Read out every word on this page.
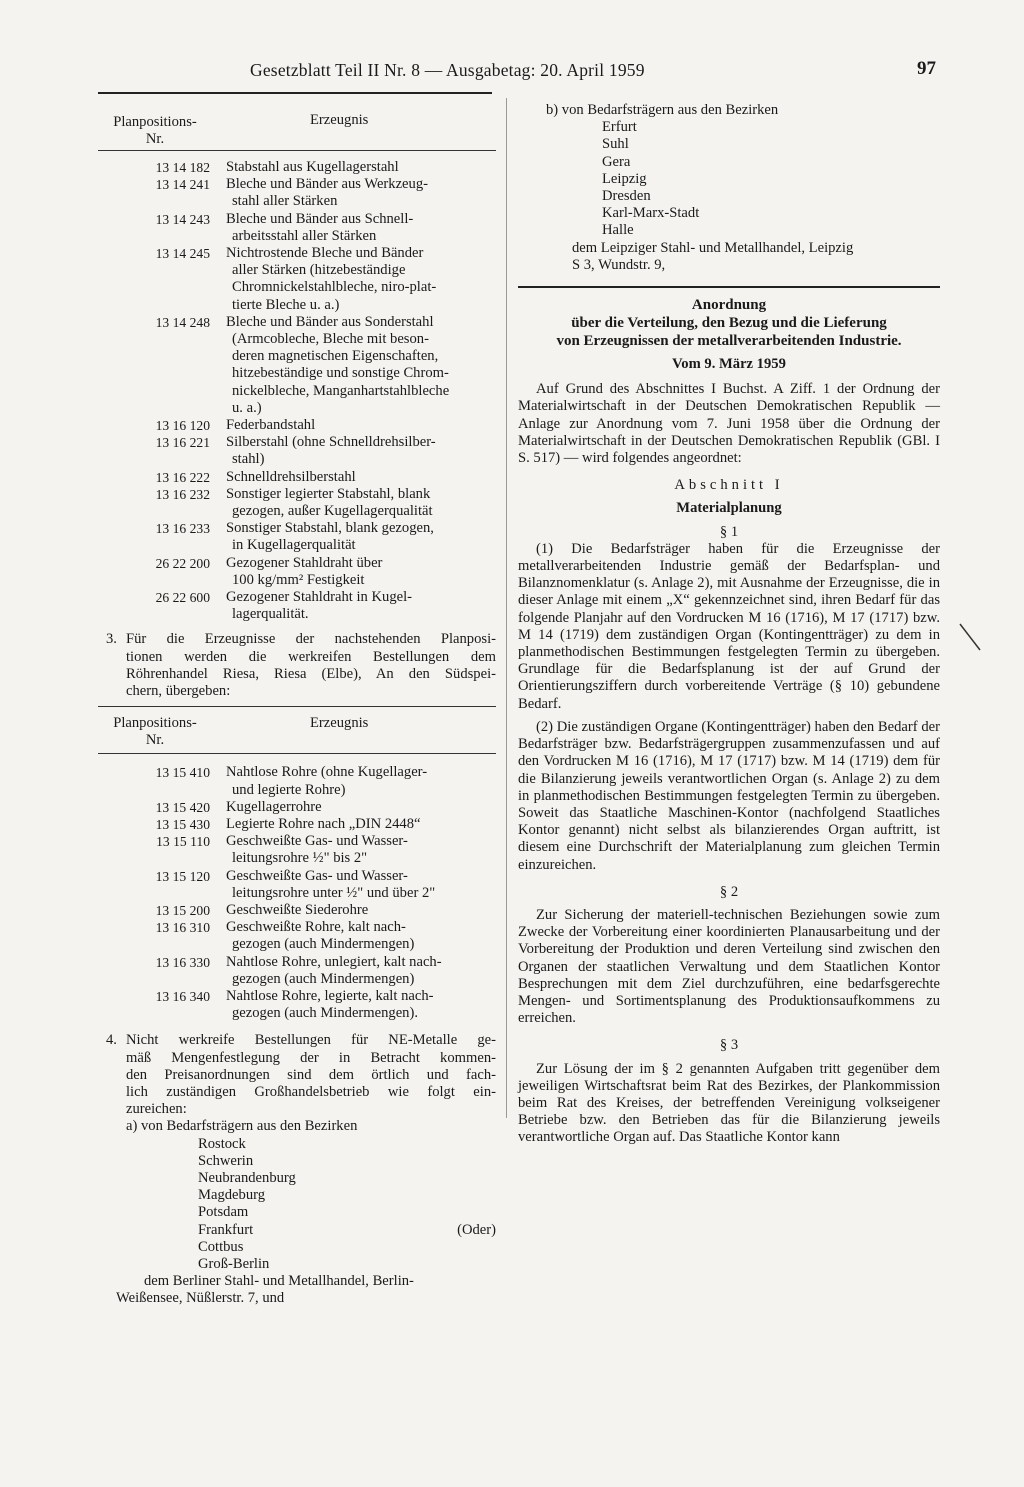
Gesetzblatt Teil II Nr. 8 — Ausgabetag: 20. April 1959	97
Planpositions-
Nr.
Erzeugnis
13 14 182	Stabstahl aus Kugellagerstahl
13 14 241	Bleche und Bänder aus Werkzeug-
stahl aller Stärken
13 14 243	Bleche und Bänder aus Schnell-
arbeitsstahl aller Stärken
13 14 245	Nichtrostende Bleche und Bänder
aller Stärken (hitzebeständige
Chromnickelstahlbleche, niro-plat-
tierte Bleche u. a.)
13 14 248	Bleche und Bänder aus Sonderstahl
(Armcobleche, Bleche mit beson-
deren magnetischen Eigenschaften,
hitzebeständige und sonstige Chrom-
nickelbleche, Manganhartstahlbleche
u. a.)
13 16 120	Federbandstahl
13 16 221	Silberstahl (ohne Schnelldrehsilber-
stahl)
13 16 222	Schnelldrehsilberstahl
13 16 232	Sonstiger legierter Stabstahl, blank
gezogen, außer Kugellagerqualität
13 16 233	Sonstiger Stabstahl, blank gezogen,
in Kugellagerqualität
26 22 200	Gezogener Stahldraht über
100 kg/mm² Festigkeit
26 22 600	Gezogener Stahldraht in Kugel-
lagerqualität.
3. Für die Erzeugnisse der nachstehenden Planposi-
tionen werden die werkreifen Bestellungen dem
Röhrenhandel Riesa, Riesa (Elbe), An den Südspei-
chern, übergeben:
Planpositions-
Nr.
Erzeugnis
13 15 410	Nahtlose Rohre (ohne Kugellager-
und legierte Rohre)
13 15 420	Kugellagerrohre
13 15 430	Legierte Rohre nach „DIN 2448“
13 15 110	Geschweißte Gas- und Wasser-
leitungsrohre ½" bis 2"
13 15 120	Geschweißte Gas- und Wasser-
leitungsrohre unter ½" und über 2"
13 15 200	Geschweißte Siederohre
13 16 310	Geschweißte Rohre, kalt nach-
gezogen (auch Mindermengen)
13 16 330	Nahtlose Rohre, unlegiert, kalt nach-
gezogen (auch Mindermengen)
13 16 340	Nahtlose Rohre, legierte, kalt nach-
gezogen (auch Mindermengen).
4. Nicht werkreife Bestellungen für NE-Metalle ge-
mäß Mengenfestlegung der in Betracht kommen-
den Preisanordnungen sind dem örtlich und fach-
lich zuständigen Großhandelsbetrieb wie folgt ein-
zureichen:
a) von Bedarfsträgern aus den Bezirken
Rostock
Schwerin
Neubrandenburg
Magdeburg
Potsdam
Frankfurt (Oder)
Cottbus
Groß-Berlin
dem Berliner Stahl- und Metallhandel, Berlin-
Weißensee, Nüßlerstr. 7, und
b) von Bedarfsträgern aus den Bezirken
Erfurt
Suhl
Gera
Leipzig
Dresden
Karl-Marx-Stadt
Halle
dem Leipziger Stahl- und Metallhandel, Leipzig
S 3, Wundstr. 9,
Anordnung
über die Verteilung, den Bezug und die Lieferung
von Erzeugnissen der metallverarbeitenden Industrie.
Vom 9. März 1959

Auf Grund des Abschnittes I Buchst. A Ziff. 1 der Ordnung der Materialwirtschaft in der Deutschen Demokratischen Republik — Anlage zur Anordnung vom 7. Juni 1958 über die Ordnung der Materialwirtschaft in der Deutschen Demokratischen Republik (GBl. I S. 517) — wird folgendes angeordnet:

Abschnitt I
Materialplanung
§ 1

(1) Die Bedarfsträger haben für die Erzeugnisse der metallverarbeitenden Industrie gemäß der Bedarfsplan- und Bilanznomenklatur (s. Anlage 2), mit Ausnahme der Erzeugnisse, die in dieser Anlage mit einem „X“ gekennzeichnet sind, ihren Bedarf für das folgende Planjahr auf den Vordrucken M 16 (1716), M 17 (1717) bzw. M 14 (1719) dem zuständigen Organ (Kontingentträger) zu dem in planmethodischen Bestimmungen festgelegten Termin zu übergeben. Grundlage für die Bedarfsplanung ist der auf Grund der Orientierungsziffern durch vorbereitende Verträge (§ 10) gebundene Bedarf.

(2) Die zuständigen Organe (Kontingentträger) haben den Bedarf der Bedarfsträger bzw. Bedarfsträgergruppen zusammenzufassen und auf den Vordrucken M 16 (1716), M 17 (1717) bzw. M 14 (1719) dem für die Bilanzierung jeweils verantwortlichen Organ (s. Anlage 2) zu dem in planmethodischen Bestimmungen festgelegten Termin zu übergeben. Soweit das Staatliche Maschinen-Kontor (nachfolgend Staatliches Kontor genannt) nicht selbst als bilanzierendes Organ auftritt, ist diesem eine Durchschrift der Materialplanung zum gleichen Termin einzureichen.

§ 2

Zur Sicherung der materiell-technischen Beziehungen sowie zum Zwecke der Vorbereitung einer koordinierten Planausarbeitung und der Vorbereitung der Produktion und deren Verteilung sind zwischen den Organen der staatlichen Verwaltung und dem Staatlichen Kontor Besprechungen mit dem Ziel durchzuführen, eine bedarfsgerechte Mengen- und Sortimentsplanung des Produktionsaufkommens zu erreichen.

§ 3

Zur Lösung der im § 2 genannten Aufgaben tritt gegenüber dem jeweiligen Wirtschaftsrat beim Rat des Bezirkes, der Plankommission beim Rat des Kreises, der betreffenden Vereinigung volkseigener Betriebe bzw. den Betrieben das für die Bilanzierung jeweils verantwortliche Organ auf. Das Staatliche Kontor kann
